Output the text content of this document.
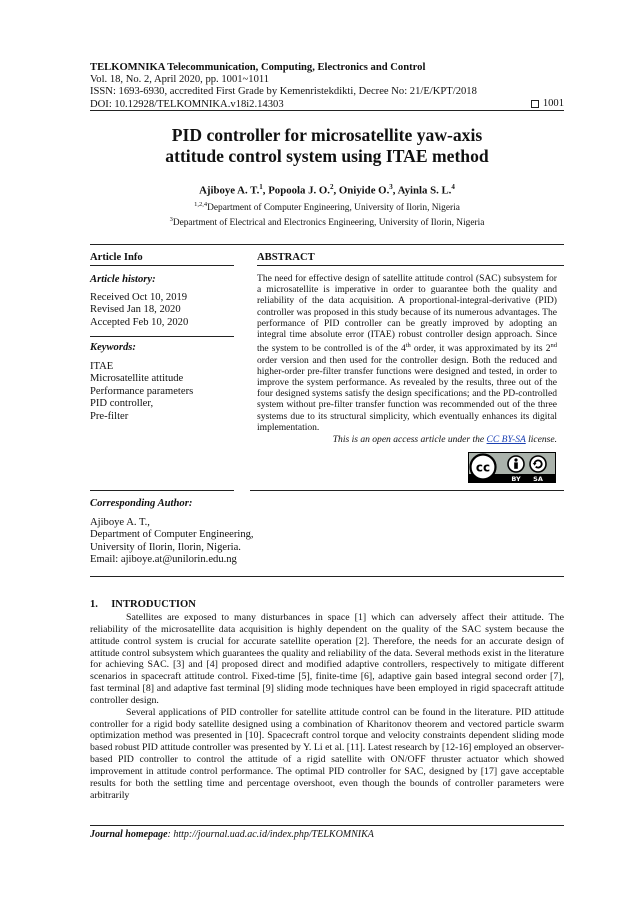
TELKOMNIKA Telecommunication, Computing, Electronics and Control
Vol. 18, No. 2, April 2020, pp. 1001~1011
ISSN: 1693-6930, accredited First Grade by Kemenristekdikti, Decree No: 21/E/KPT/2018
DOI: 10.12928/TELKOMNIKA.v18i2.14303	1001
PID controller for microsatellite yaw-axis
attitude control system using ITAE method
Ajiboye A. T.$^1$, Popoola J. O.$^2$, Oniyide O.$^3$, Ayinla S. L.$^4$
$^{1,2,4}$Department of Computer Engineering, University of Ilorin, Nigeria
$^3$Department of Electrical and Electronics Engineering, University of Ilorin, Nigeria
Article Info	ABSTRACT
Article history:
Received Oct 10, 2019
Revised Jan 18, 2020
Accepted Feb 10, 2020
Keywords:
ITAE
Microsatellite attitude
Performance parameters
PID controller,
Pre-filter
The need for effective design of satellite attitude control (SAC) subsystem for a microsatellite is imperative in order to guarantee both the quality and reliability of the data acquisition. A proportional-integral-derivative (PID) controller was proposed in this study because of its numerous advantages. The performance of PID controller can be greatly improved by adopting an integral time absolute error (ITAE) robust controller design approach. Since the system to be controlled is of the 4th order, it was approximated by its 2nd order version and then used for the controller design. Both the reduced and higher-order pre-filter transfer functions were designed and tested, in order to improve the system performance. As revealed by the results, three out of the four designed systems satisfy the design specifications; and the PD-controlled system without pre-filter transfer function was recommended out of the three systems due to its structural simplicity, which eventually enhances its digital implementation.
This is an open access article under the CC BY-SA license.
cc
BY SA
Corresponding Author:
Ajiboye A. T.,
Department of Computer Engineering,
University of Ilorin, Ilorin, Nigeria.
Email: ajiboye.at@unilorin.edu.ng
1.     INTRODUCTION

Satellites are exposed to many disturbances in space [1] which can adversely affect their attitude. The reliability of the microsatellite data acquisition is highly dependent on the quality of the SAC system because the attitude control system is crucial for accurate satellite operation [2]. Therefore, the needs for an accurate design of attitude control subsystem which guarantees the quality and reliability of the data. Several methods exist in the literature for achieving SAC. [3] and [4] proposed direct and modified adaptive controllers, respectively to mitigate different scenarios in spacecraft attitude control. Fixed-time [5], finite-time [6], adaptive gain based integral second order [7], fast terminal [8] and adaptive fast terminal [9] sliding mode techniques have been employed in rigid spacecraft attitude controller design.

Several applications of PID controller for satellite attitude control can be found in the literature. PID attitude controller for a rigid body satellite designed using a combination of Kharitonov theorem and vectored particle swarm optimization method was presented in [10]. Spacecraft control torque and velocity constraints dependent sliding mode based robust PID attitude controller was presented by Y. Li et al. [11]. Latest research by [12-16] employed an observer-based PID controller to control the attitude of a rigid satellite with ON/OFF thruster actuator which showed improvement in attitude control performance. The optimal PID controller for SAC, designed by [17] gave acceptable results for both the settling time and percentage overshoot, even though the bounds of controller parameters were arbitrarily

Journal homepage: http://journal.uad.ac.id/index.php/TELKOMNIKA
